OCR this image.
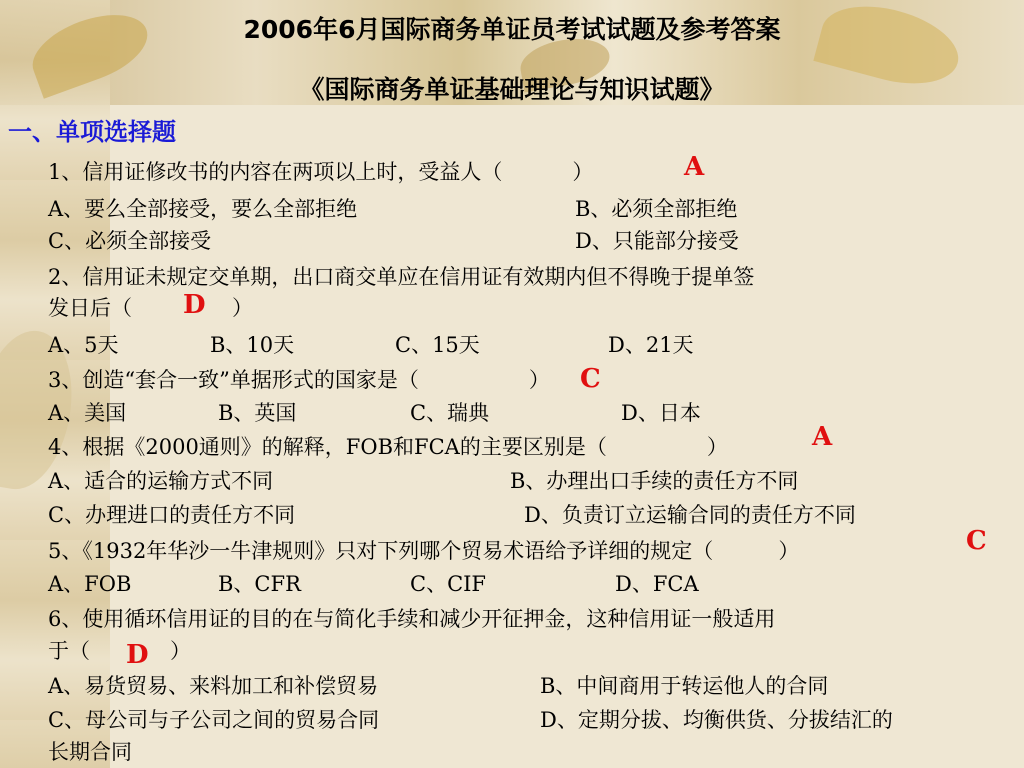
2006年6月国际商务单证员考试试题及参考答案
《国际商务单证基础理论与知识试题》
一、单项选择题
1、信用证修改书的内容在两项以上时，受益人（	）	A
A、要么全部接受，要么全部拒绝	B、必须全部拒绝
C、必须全部接受	D、只能部分接受
2、信用证未规定交单期，出口商交单应在信用证有效期内但不得晚于提单签
发日后（	）
D
A、5天	B、10天	C、15天	D、21天
3、创造“套合一致”单据形式的国家是（	） C
A、美国	B、英国	C、瑞典	D、日本
4、根据《2000通则》的解释，FOB和FCA的主要区别是（	）	A
A、适合的运输方式不同	B、办理出口手续的责任方不同
C、办理进口的责任方不同	D、负责订立运输合同的责任方不同
5、《1932年华沙一牛津规则》只对下列哪个贸易术语给予详细的规定（	）	C
A、FOB	B、CFR	C、CIF	D、FCA
6、使用循环信用证的目的在与简化手续和减少开征押金，这种信用证一般适用
于（	）
D
A、易货贸易、来料加工和补偿贸易	B、中间商用于转运他人的合同
C、母公司与子公司之间的贸易合同	D、定期分拔、均衡供货、分拔结汇的
长期合同
